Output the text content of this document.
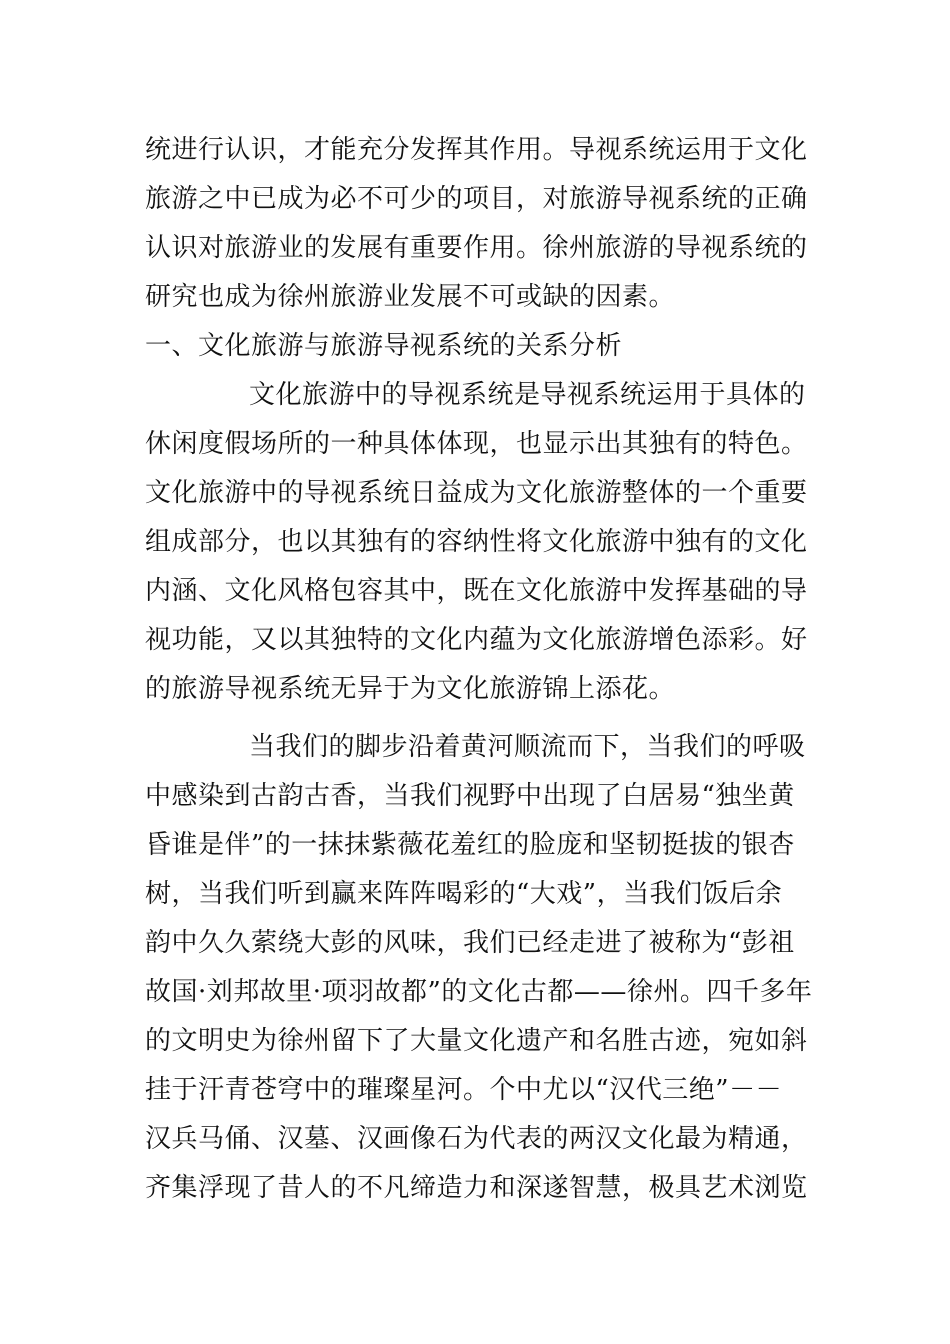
统进行认识，才能充分发挥其作用。导视系统运用于文化
旅游之中已成为必不可少的项目，对旅游导视系统的正确
认识对旅游业的发展有重要作用。徐州旅游的导视系统的
研究也成为徐州旅游业发展不可或缺的因素。
一、文化旅游与旅游导视系统的关系分析
文化旅游中的导视系统是导视系统运用于具体的
休闲度假场所的一种具体体现，也显示出其独有的特色。
文化旅游中的导视系统日益成为文化旅游整体的一个重要
组成部分，也以其独有的容纳性将文化旅游中独有的文化
内涵、文化风格包容其中，既在文化旅游中发挥基础的导
视功能，又以其独特的文化内蕴为文化旅游增色添彩。好
的旅游导视系统无异于为文化旅游锦上添花。
当我们的脚步沿着黄河顺流而下，当我们的呼吸
中感染到古韵古香，当我们视野中出现了白居易“独坐黄
昏谁是伴”的一抹抹紫薇花羞红的脸庞和坚韧挺拔的银杏
树，当我们听到赢来阵阵喝彩的“大戏”，当我们饭后余
韵中久久萦绕大彭的风味，我们已经走进了被称为“彭祖
故国·刘邦故里·项羽故都”的文化古都——徐州。四千多年
的文明史为徐州留下了大量文化遗产和名胜古迹，宛如斜
挂于汗青苍穹中的璀璨星河。个中尤以“汉代三绝”－－
汉兵马俑、汉墓、汉画像石为代表的两汉文化最为精通，
齐集浮现了昔人的不凡缔造力和深遂智慧，极具艺术浏览
